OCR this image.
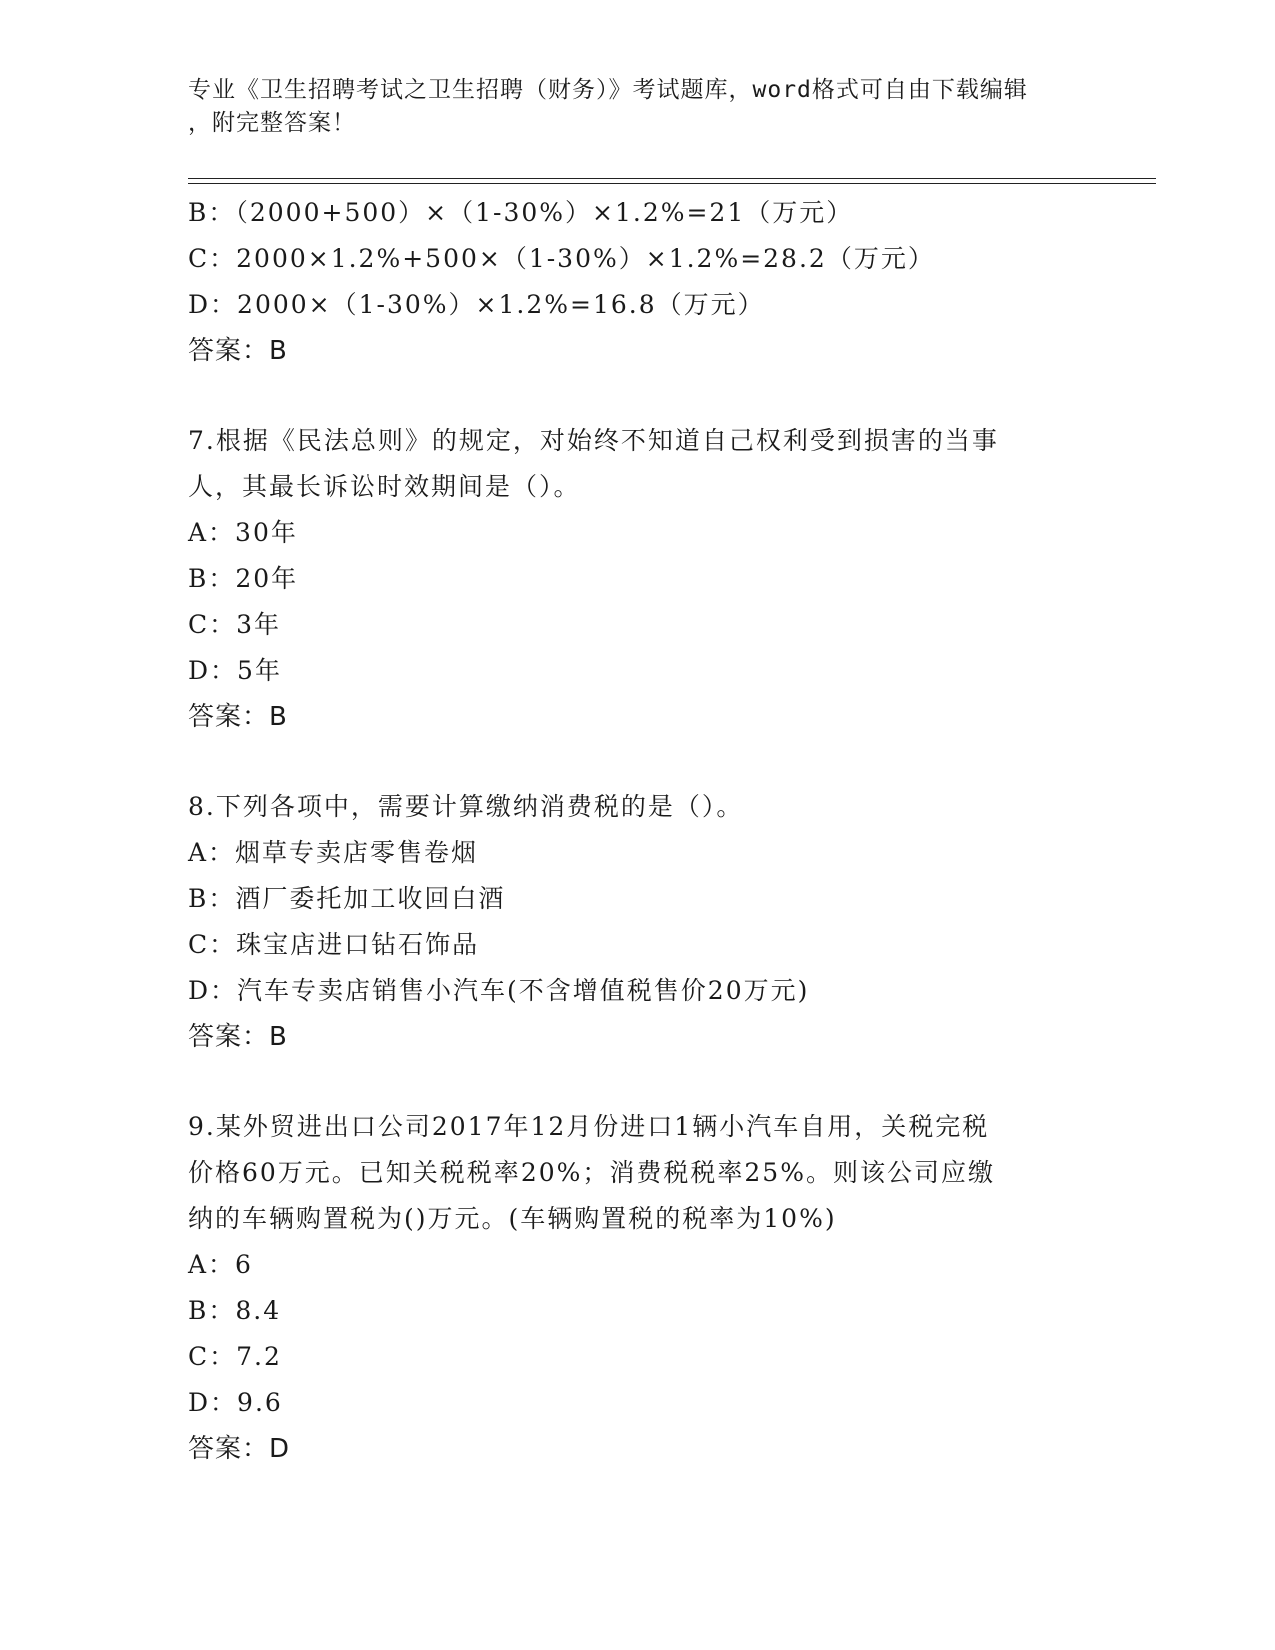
专业《卫生招聘考试之卫生招聘（财务）》考试题库，word格式可自由下载编辑
，附完整答案！
B：（2000+500）×（1-30%）×1.2%=21（万元）
C：2000×1.2%+500×（1-30%）×1.2%=28.2（万元）
D：2000×（1-30%）×1.2%=16.8（万元）
答案：B
7.根据《民法总则》的规定，对始终不知道自己权利受到损害的当事
人，其最长诉讼时效期间是（）。
A：30年
B：20年
C：3年
D：5年
答案：B
8.下列各项中，需要计算缴纳消费税的是（）。
A：烟草专卖店零售卷烟
B：酒厂委托加工收回白酒
C：珠宝店进口钻石饰品
D：汽车专卖店销售小汽车(不含增值税售价20万元)
答案：B
9.某外贸进出口公司2017年12月份进口1辆小汽车自用，关税完税
价格60万元。已知关税税率20%；消费税税率25%。则该公司应缴
纳的车辆购置税为()万元。(车辆购置税的税率为10%)
A：6
B：8.4
C：7.2
D：9.6
答案：D
